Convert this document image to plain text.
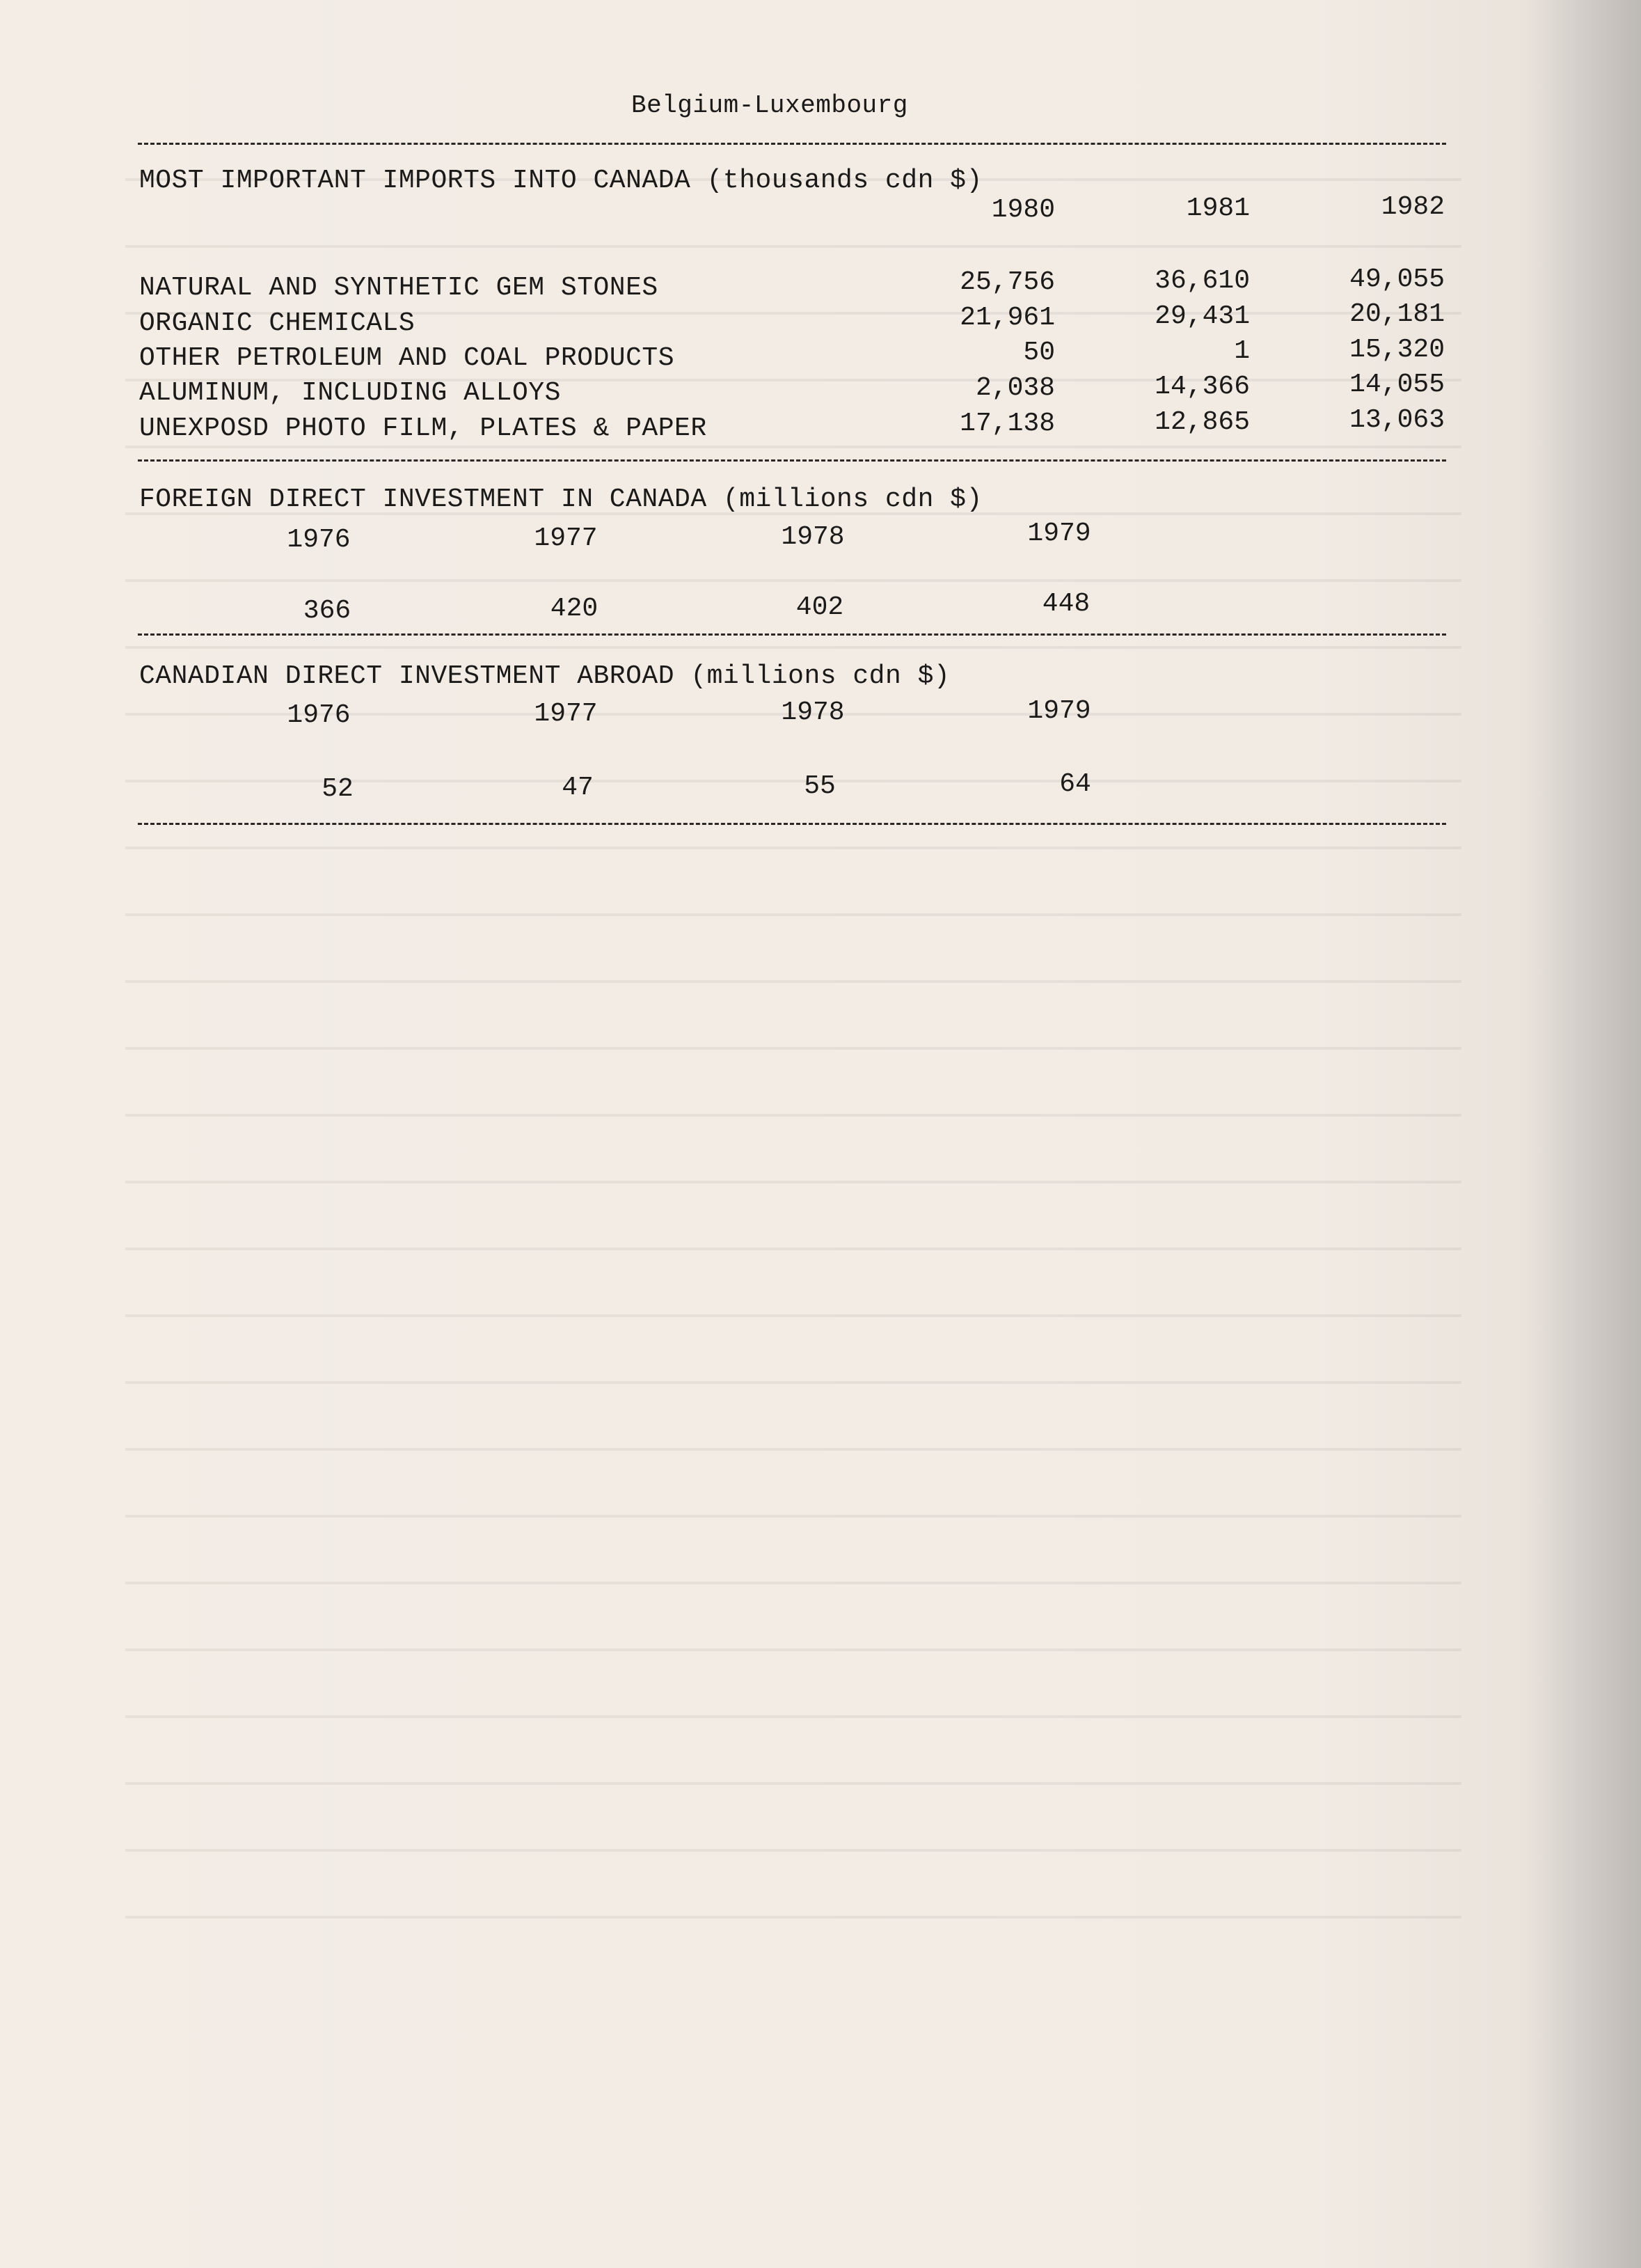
Belgium-Luxembourg
MOST IMPORTANT IMPORTS INTO CANADA (thousands cdn $)
1980	1981	1982
NATURAL AND SYNTHETIC GEM STONES	25,756	36,610	49,055
ORGANIC CHEMICALS	21,961	29,431	20,181
OTHER PETROLEUM AND COAL PRODUCTS	50	1	15,320
ALUMINUM, INCLUDING ALLOYS	2,038	14,366	14,055
UNEXPOSD PHOTO FILM, PLATES & PAPER	17,138	12,865	13,063
FOREIGN DIRECT INVESTMENT IN CANADA (millions cdn $)
1976	1977	1978	1979
366	420	402	448
CANADIAN DIRECT INVESTMENT ABROAD (millions cdn $)
1976	1977	1978	1979
52	47	55	64
